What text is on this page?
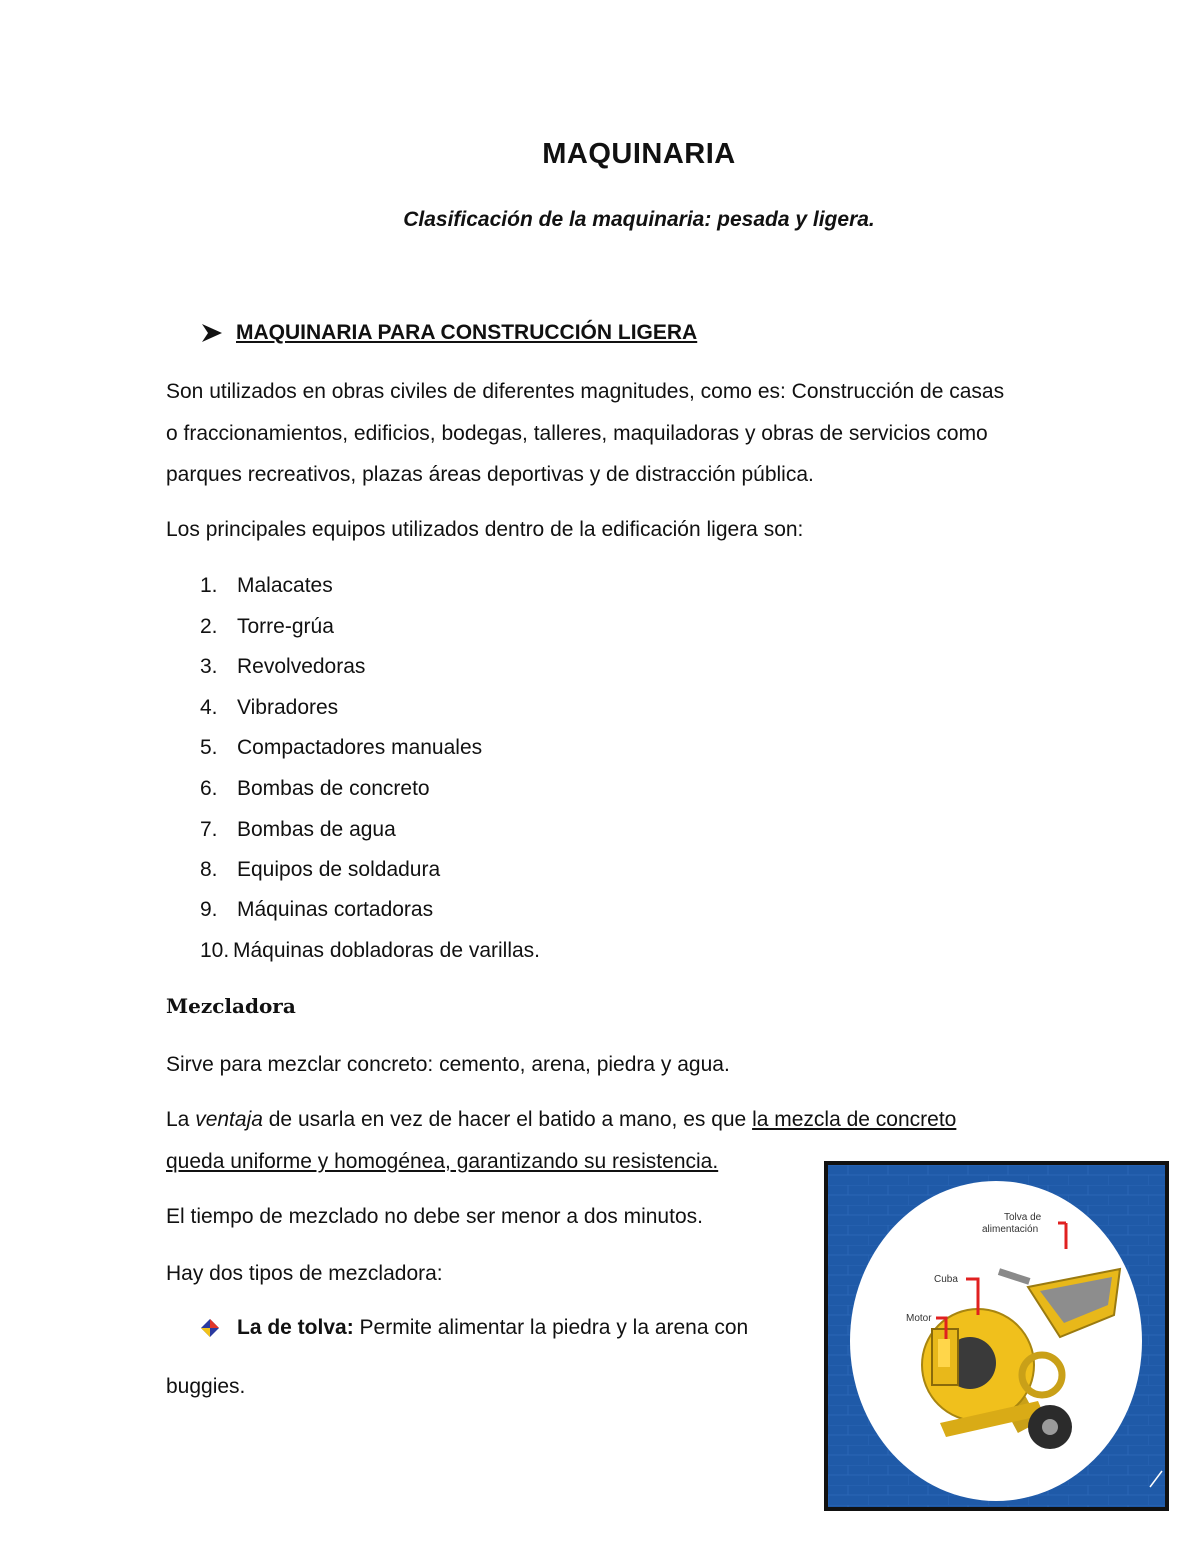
MAQUINARIA
Clasificación de la maquinaria: pesada y ligera.
MAQUINARIA PARA CONSTRUCCIÓN LIGERA
Son utilizados en obras civiles de diferentes magnitudes, como es: Construcción de casas
o fraccionamientos, edificios, bodegas, talleres, maquiladoras y obras de servicios como
parques recreativos, plazas áreas deportivas y de distracción pública.
Los principales equipos utilizados dentro de la edificación ligera son:
1. Malacates
2. Torre-grúa
3. Revolvedoras
4. Vibradores
5. Compactadores manuales
6. Bombas de concreto
7. Bombas de agua
8. Equipos de soldadura
9. Máquinas cortadoras
10. Máquinas dobladoras de varillas.
Mezcladora
Sirve para mezclar concreto: cemento, arena, piedra y agua.
La ventaja de usarla en vez de hacer el batido a mano, es que la mezcla de concreto
queda uniforme y homogénea, garantizando su resistencia.
El tiempo de mezclado no debe ser menor a dos minutos.
Hay dos tipos de mezcladora:
La de tolva: Permite alimentar la piedra y la arena con
buggies.
Tolva de
alimentación
Cuba
Motor
